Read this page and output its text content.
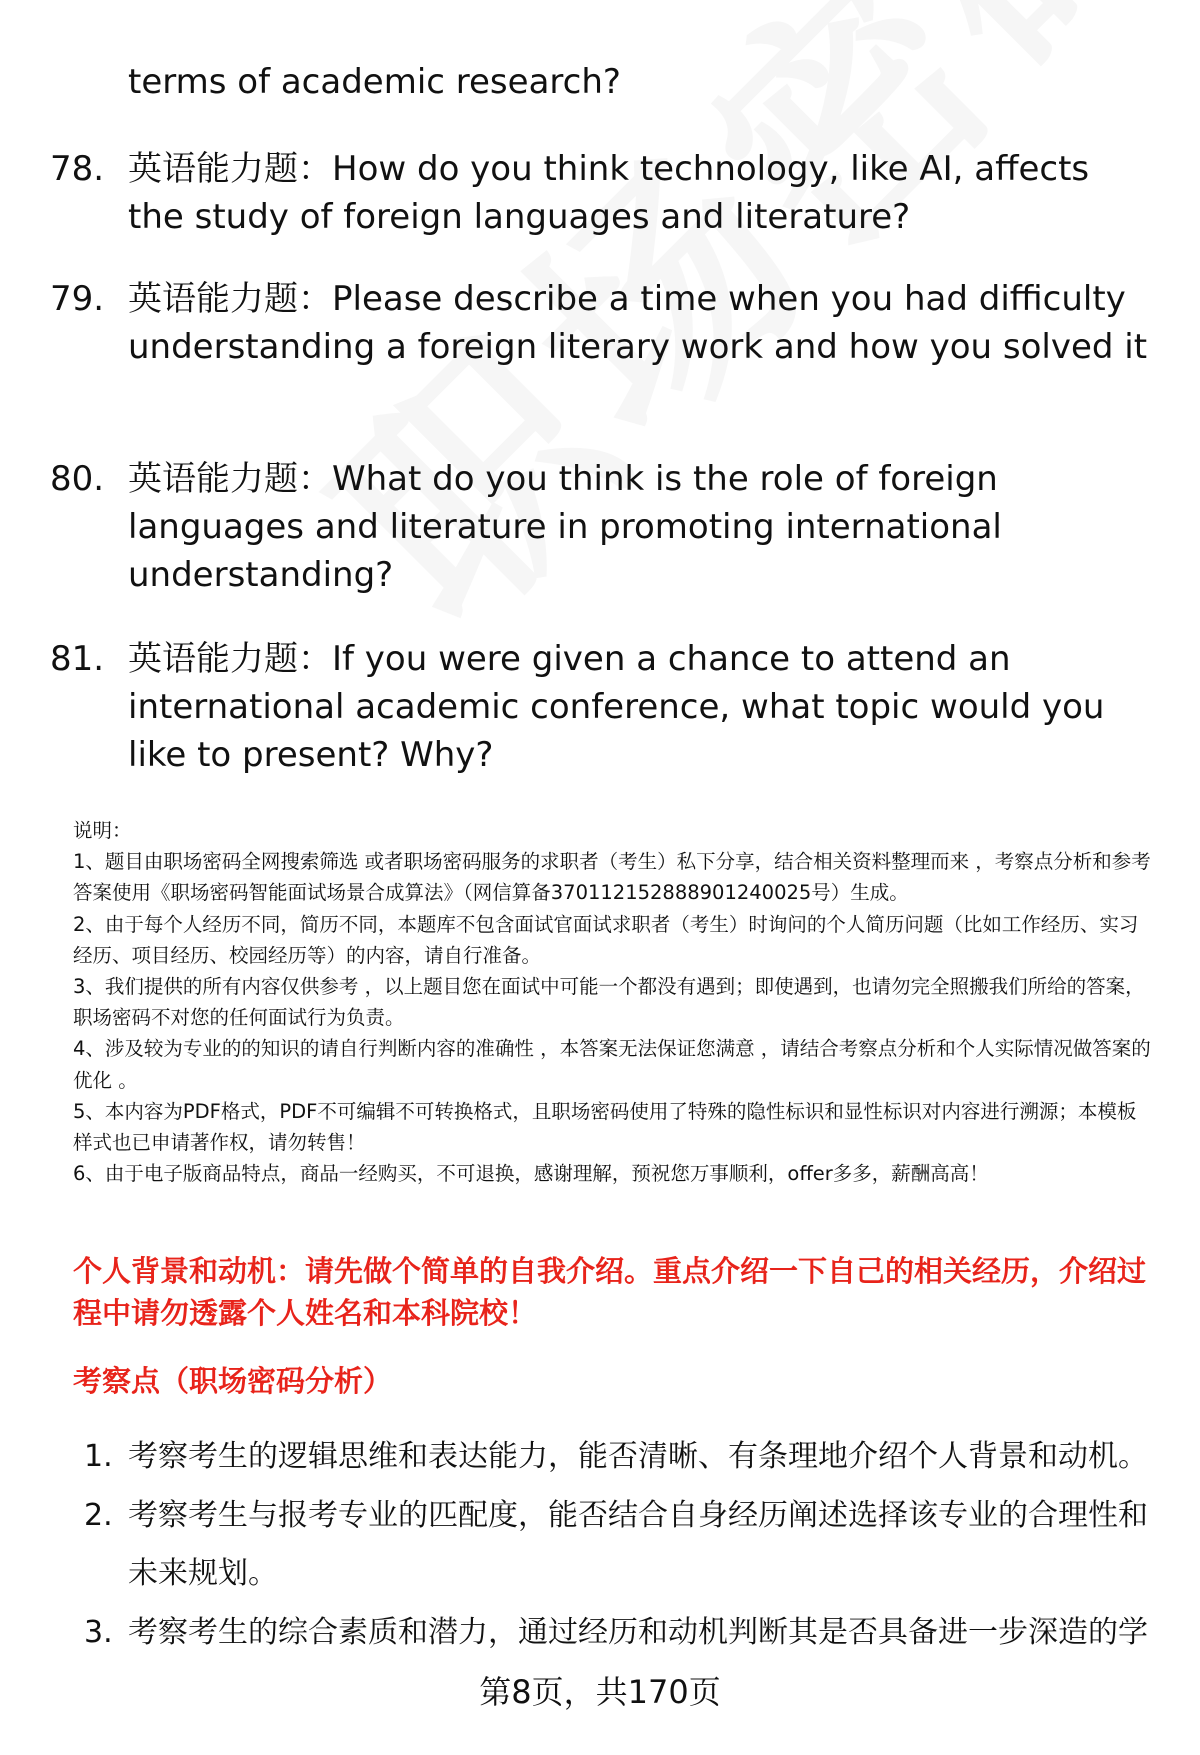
terms of academic research?
78. 英语能力题：How do you think technology, like AI, affects the study of foreign languages and literature?
79. 英语能力题：Please describe a time when you had difficulty understanding a foreign literary work and how you solved it
80. 英语能力题：What do you think is the role of foreign languages and literature in promoting international understanding?
81. 英语能力题：If you were given a chance to attend an international academic conference, what topic would you like to present? Why?

说明：

1、题目由职场密码全网搜索筛选 或者职场密码服务的求职者（考生）私下分享，结合相关资料整理而来 ，考察点分析和参考答案使用《职场密码智能面试场景合成算法》（网信算备370112152888901240025号）生成。

2、由于每个人经历不同，简历不同，本题库不包含面试官面试求职者（考生）时询问的个人简历问题（比如工作经历、实习经历、项目经历、校园经历等）的内容，请自行准备。

3、我们提供的所有内容仅供参考 ，以上题目您在面试中可能一个都没有遇到；即使遇到，也请勿完全照搬我们所给的答案，职场密码不对您的任何面试行为负责。

4、涉及较为专业的的知识的请自行判断内容的准确性 ，本答案无法保证您满意 ，请结合考察点分析和个人实际情况做答案的优化 。

5、本内容为PDF格式，PDF不可编辑不可转换格式，且职场密码使用了特殊的隐性标识和显性标识对内容进行溯源；本模板样式也已申请著作权，请勿转售！

6、由于电子版商品特点，商品一经购买，不可退换，感谢理解，预祝您万事顺利，offer多多，薪酬高高！

个人背景和动机：请先做个简单的自我介绍。重点介绍一下自己的相关经历，介绍过程中请勿透露个人姓名和本科院校！
考察点（职场密码分析）
1. 考察考生的逻辑思维和表达能力，能否清晰、有条理地介绍个人背景和动机。
2. 考察考生与报考专业的匹配度，能否结合自身经历阐述选择该专业的合理性和未来规划。
3. 考察考生的综合素质和潜力，通过经历和动机判断其是否具备进一步深造的学
第8页，共170页
